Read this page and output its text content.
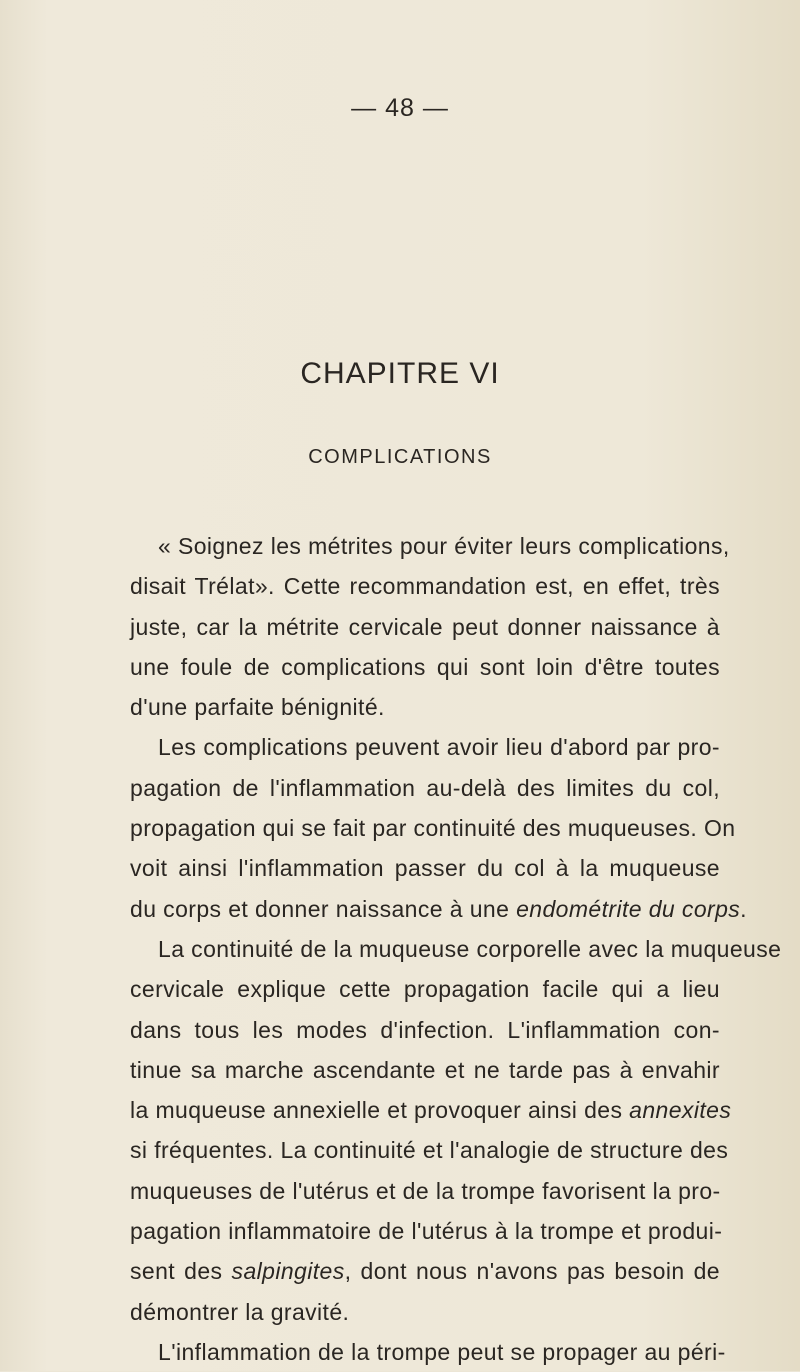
— 48 —
CHAPITRE VI
COMPLICATIONS
« Soignez les métrites pour éviter leurs complications,
disait Trélat». Cette recommandation est, en effet, très
juste, car la métrite cervicale peut donner naissance à
une foule de complications qui sont loin d'être toutes
d'une parfaite bénignité.
Les complications peuvent avoir lieu d'abord par pro-
pagation de l'inflammation au-delà des limites du col,
propagation qui se fait par continuité des muqueuses. On
voit ainsi l'inflammation passer du col à la muqueuse
du corps et donner naissance à une endométrite du corps.
La continuité de la muqueuse corporelle avec la muqueuse
cervicale explique cette propagation facile qui a lieu
dans tous les modes d'infection. L'inflammation con-
tinue sa marche ascendante et ne tarde pas à envahir
la muqueuse annexielle et provoquer ainsi des annexites
si fréquentes. La continuité et l'analogie de structure des
muqueuses de l'utérus et de la trompe favorisent la pro-
pagation inflammatoire de l'utérus à la trompe et produi-
sent des salpingites, dont nous n'avons pas besoin de
démontrer la gravité.
L'inflammation de la trompe peut se propager au péri-
